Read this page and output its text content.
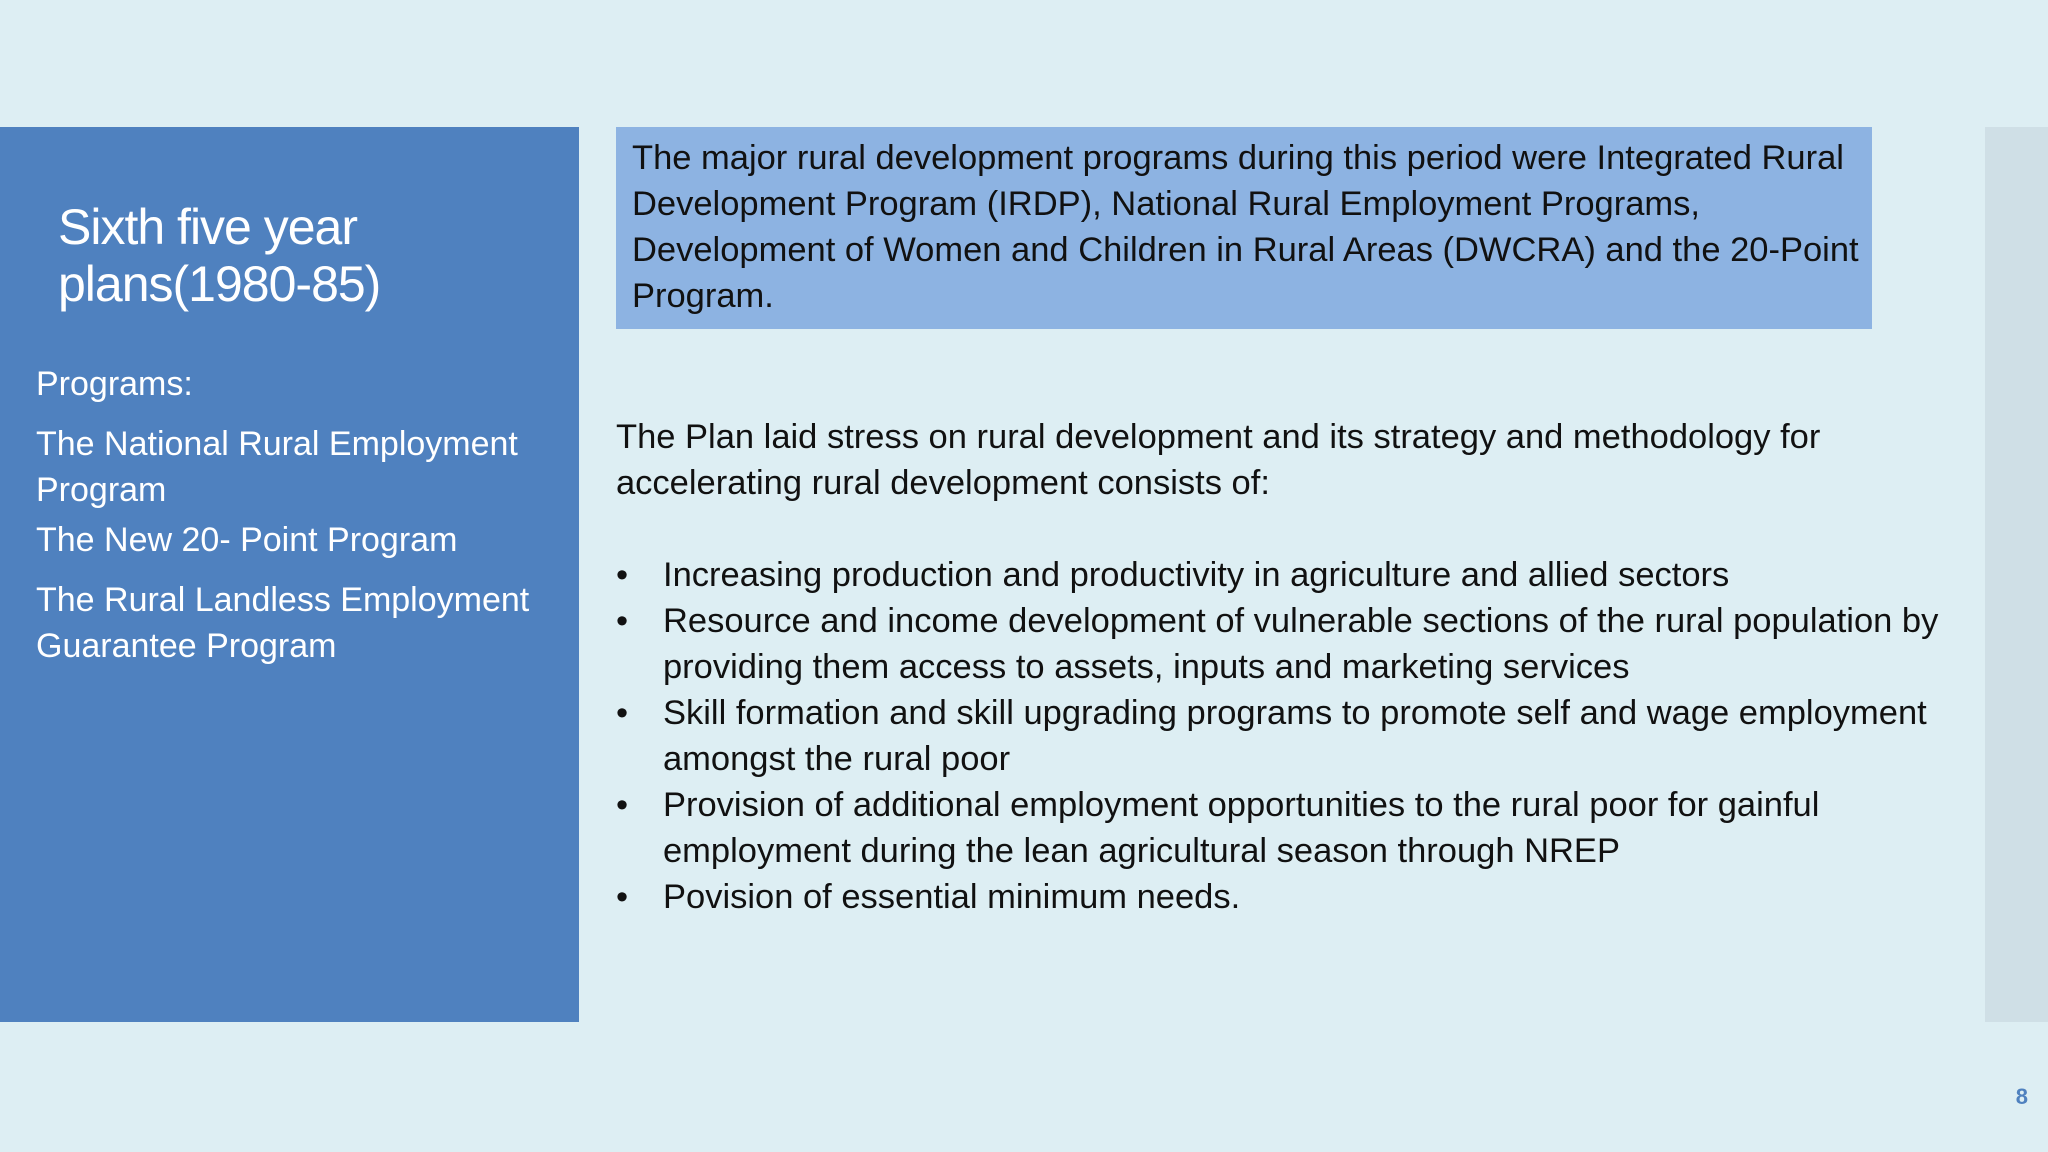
Sixth five year plans(1980-85)

Programs:

The National Rural Employment Program
The New 20- Point Program
The Rural Landless Employment Guarantee Program

The major rural development programs during this period were Integrated Rural Development Program (IRDP), National Rural Employment Programs, Development of Women and Children in Rural Areas (DWCRA) and the 20-Point Program.

The Plan laid stress on rural development and its strategy and methodology for accelerating rural development consists of:

• Increasing production and productivity in agriculture and allied sectors
• Resource and income development of vulnerable sections of the rural population by providing them access to assets, inputs and marketing services
• Skill formation and skill upgrading programs to promote self and wage employment amongst the rural poor
• Provision of additional employment opportunities to the rural poor for gainful employment during the lean agricultural season through NREP
• Povision of essential minimum needs.

8
